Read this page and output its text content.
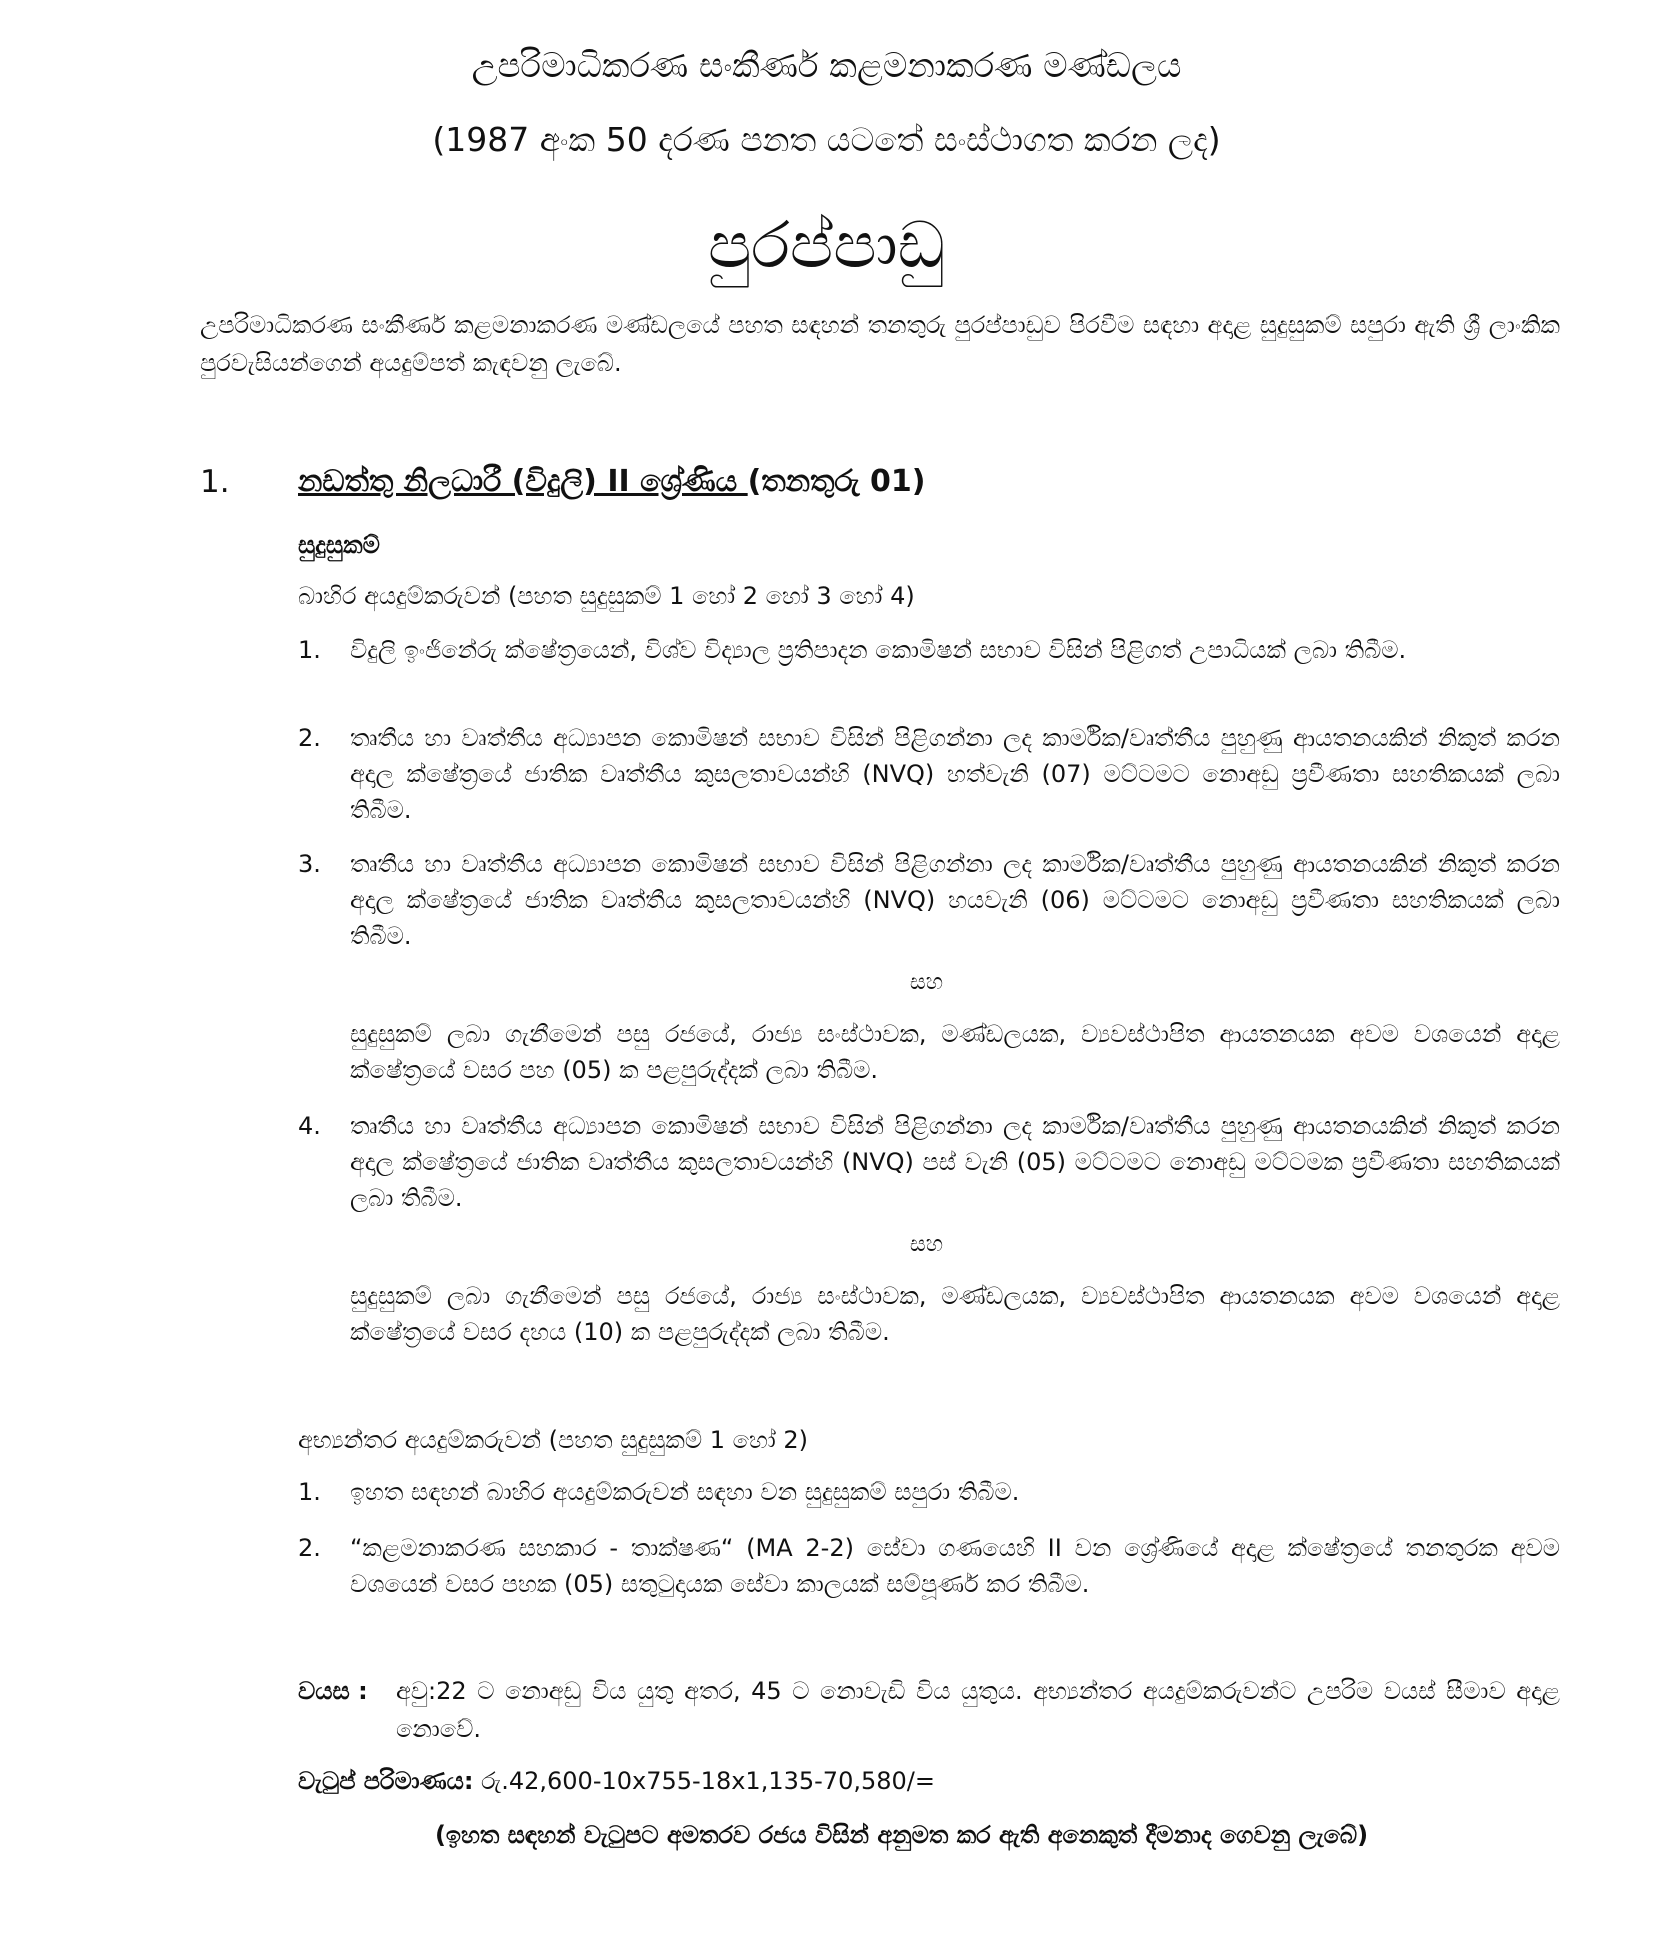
උපරිමාධිකරණ සංකීර්ණ කළමනාකරණ මණ්ඩලය
(1987 අංක 50 දරණ පනත යටතේ සංස්ථාගත කරන ලද)
පුරප්පාඩු
උපරිමාධිකරණ සංකීර්ණ කළමනාකරණ මණ්ඩලයේ පහත සඳහන් තනතුරු පුරප්පාඩුව පිරවීම සඳහා අදාළ සුදුසුකම් සපුරා ඇති ශ්‍රී ලාංකික පුරවැසියන්ගෙන් අයදුම්පත් කැඳවනු ලැබේ.
1. නඩත්තු නිලධාරී (විදුලි) II ශ්‍රේණිය (තනතුරු 01)
සුදුසුකම්
බාහිර අයදුම්කරුවන් (පහත සුදුසුකම් 1 හෝ 2 හෝ 3 හෝ 4)
1.	විදුලි ඉංජිනේරු ක්ෂේත්‍රයෙන්, විශ්ව විද්‍යාල ප්‍රතිපාදන කොමිෂන් සභාව විසින් පිළිගත් උපාධියක් ලබා තිබීම.
2.	තෘතීය හා වෘත්තීය අධ්‍යාපන කොමිෂන් සභාව විසින් පිළිගන්නා ලද කාර්මික/වෘත්තීය පුහුණු ආයතනයකින් නිකුත් කරන අදාල ක්ෂේත්‍රයේ ජාතික වෘත්තීය කුසලතාවයන්හි (NVQ) හත්වැනි (07) මට්ටමට නොඅඩු ප්‍රවීණතා සහතිකයක් ලබා තිබීම.
3.	තෘතීය හා වෘත්තීය අධ්‍යාපන කොමිෂන් සභාව විසින් පිළිගන්නා ලද කාර්මික/වෘත්තීය පුහුණු ආයතනයකින් නිකුත් කරන අදාල ක්ෂේත්‍රයේ ජාතික වෘත්තීය කුසලතාවයන්හි (NVQ) හයවැනි (06) මට්ටමට නොඅඩු ප්‍රවීණතා සහතිකයක් ලබා තිබීම.
සහ
සුදුසුකම් ලබා ගැනීමෙන් පසු රජයේ, රාජ්‍ය සංස්ථාවක, මණ්ඩලයක, ව්‍යවස්ථාපිත ආයතනයක අවම වශයෙන් අදාළ ක්ෂේත්‍රයේ වසර පහ (05) ක පළපුරුද්දක් ලබා තිබීම.
4.	තෘතීය හා වෘත්තීය අධ්‍යාපන කොමිෂන් සභාව විසින් පිළිගන්නා ලද කාර්මික/වෘත්තීය පුහුණු ආයතනයකින් නිකුත් කරන අදාල ක්ෂේත්‍රයේ ජාතික වෘත්තීය කුසලතාවයන්හි (NVQ) පස් වැනි (05) මට්ටමට නොඅඩු මට්ටමක ප්‍රවීණතා සහතිකයක් ලබා තිබීම.
සහ
සුදුසුකම් ලබා ගැනීමෙන් පසු රජයේ, රාජ්‍ය සංස්ථාවක, මණ්ඩලයක, ව්‍යවස්ථාපිත ආයතනයක අවම වශයෙන් අදාළ ක්ෂේත්‍රයේ වසර දහය (10) ක පළපුරුද්දක් ලබා තිබීම.
අභ්‍යන්තර අයදුම්කරුවන් (පහත සුදුසුකම් 1 හෝ 2)
1.	ඉහත සඳහන් බාහිර අයදුම්කරුවන් සඳහා වන සුදුසුකම් සපුරා තිබීම.
2.	“කළමනාකරණ සහකාර - තාක්ෂණ“ (MA 2-2) සේවා ගණයෙහි II වන ශ්‍රේණියේ අදාළ ක්ෂේත්‍රයේ තනතුරක අවම වශයෙන් වසර පහක (05) සතුටුදායක සේවා කාලයක් සම්පූර්ණ කර තිබීම.
වයස : අවු:22 ට නොඅඩු විය යුතු අතර, 45 ට නොවැඩි විය යුතුය. අභ්‍යන්තර අයදුම්කරුවන්ට උපරිම වයස් සීමාව අදාළ නොවේ.
වැටුප් පරිමාණය: රු.42,600-10x755-18x1,135-70,580/=
(ඉහත සඳහන් වැටුපට අමතරව රජය විසින් අනුමත කර ඇති අනෙකුත් දීමනාද ගෙවනු ලැබේ)
